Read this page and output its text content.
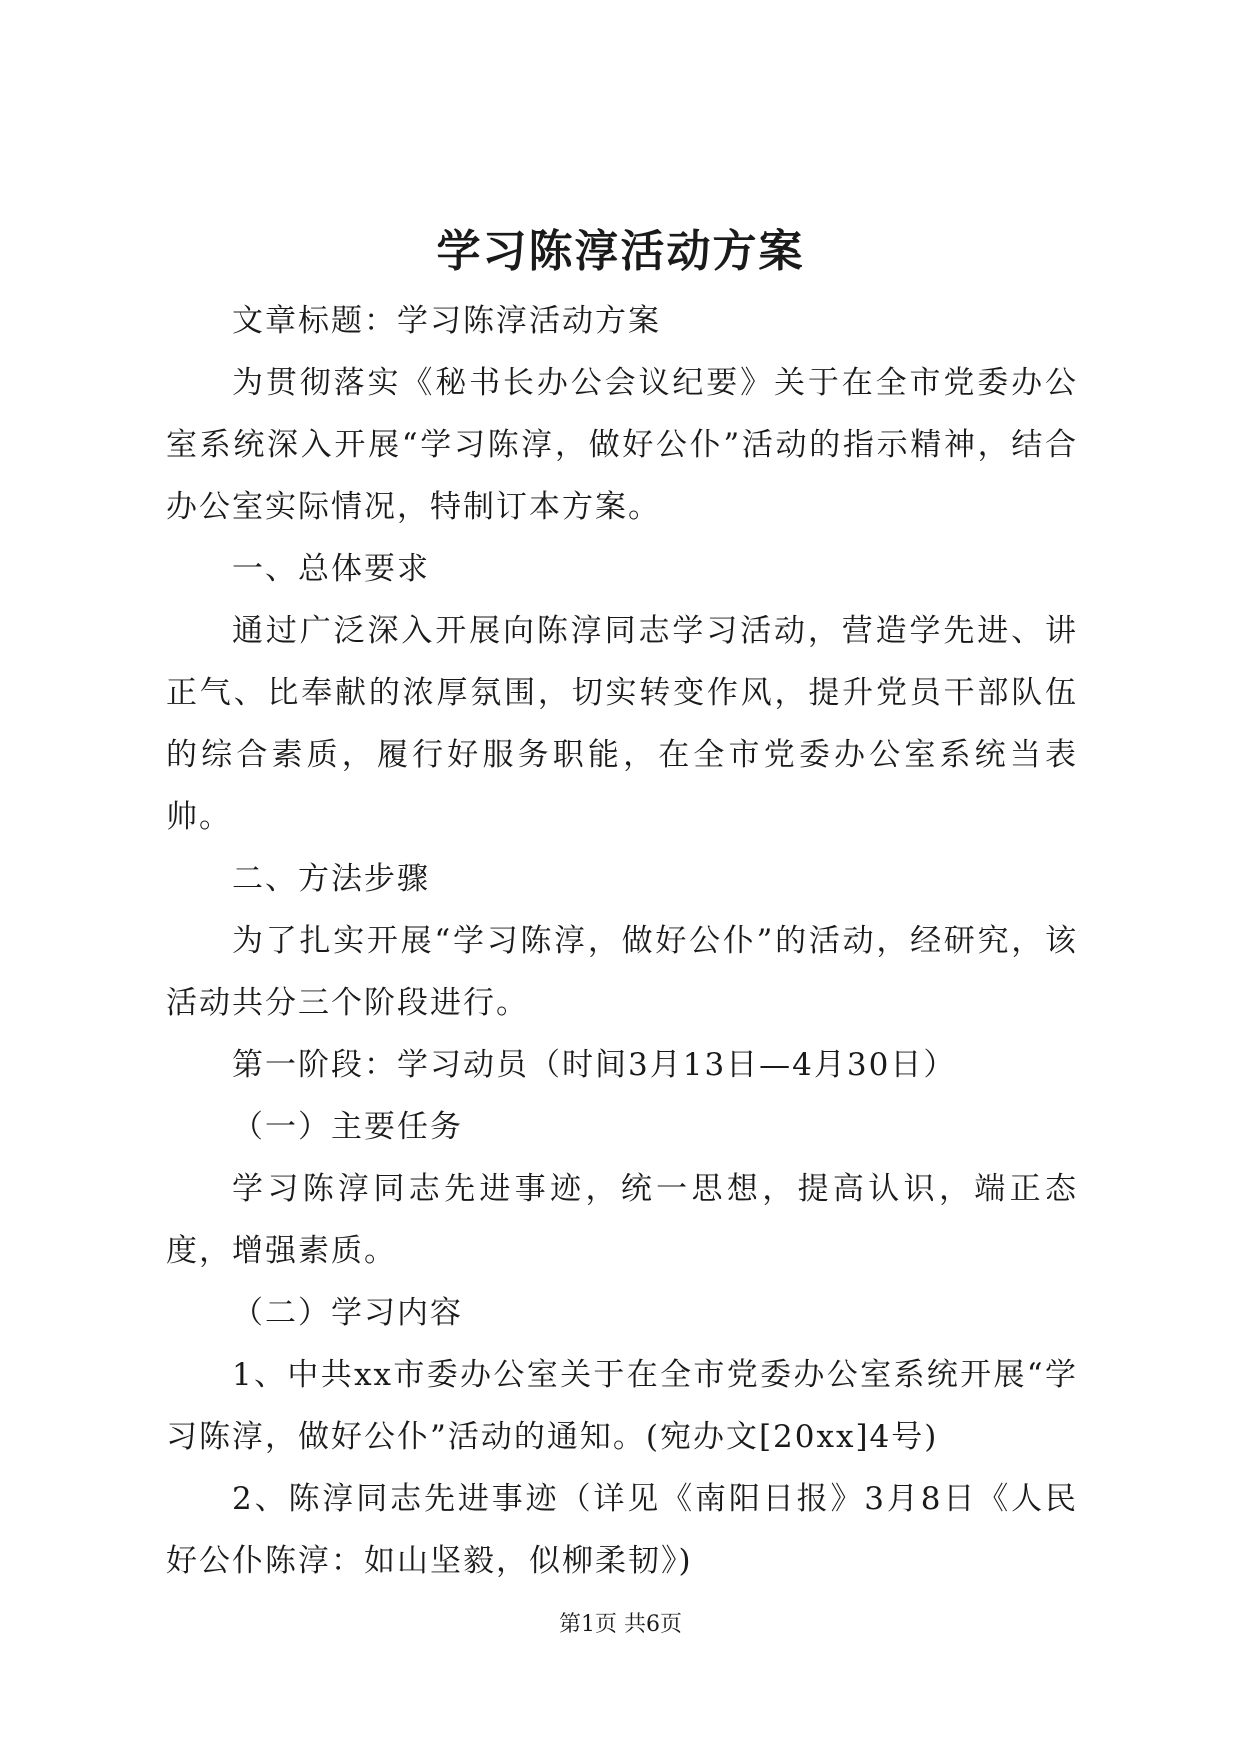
学习陈淳活动方案

文章标题：学习陈淳活动方案

为贯彻落实《秘书长办公会议纪要》关于在全市党委办公室系统深入开展“学习陈淳，做好公仆”活动的指示精神，结合办公室实际情况，特制订本方案。

一、总体要求

通过广泛深入开展向陈淳同志学习活动，营造学先进、讲正气、比奉献的浓厚氛围，切实转变作风，提升党员干部队伍的综合素质，履行好服务职能，在全市党委办公室系统当表帅。

二、方法步骤

为了扎实开展“学习陈淳，做好公仆”的活动，经研究，该活动共分三个阶段进行。

第一阶段：学习动员（时间3月13日—4月30日）

（一）主要任务

学习陈淳同志先进事迹，统一思想，提高认识，端正态度，增强素质。

（二）学习内容

1、中共xx市委办公室关于在全市党委办公室系统开展“学习陈淳，做好公仆”活动的通知。(宛办文[20xx]4号)

2、陈淳同志先进事迹（详见《南阳日报》3月8日《人民好公仆陈淳：如山坚毅，似柳柔韧》)

第1页 共6页
